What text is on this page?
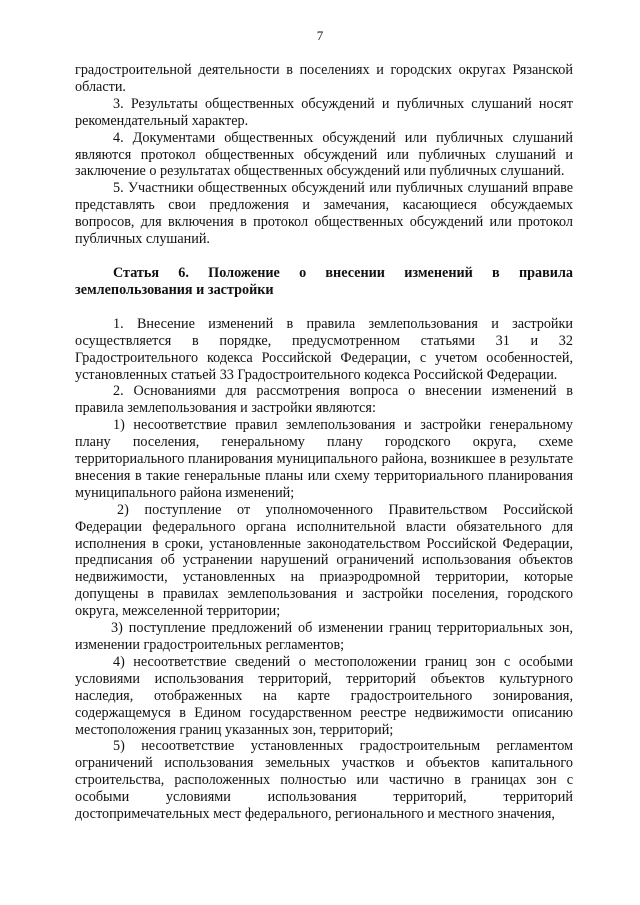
7

градостроительной деятельности в поселениях и городских округах Рязанской области.

3. Результаты общественных обсуждений и публичных слушаний носят рекомендательный характер.

4. Документами общественных обсуждений или публичных слушаний являются протокол общественных обсуждений или публичных слушаний и заключение о результатах общественных обсуждений или публичных слушаний.

5. Участники общественных обсуждений или публичных слушаний вправе представлять свои предложения и замечания, касающиеся обсуждаемых вопросов, для включения в протокол общественных обсуждений или протокол публичных слушаний.

Статья 6. Положение о внесении изменений в правила землепользования и застройки

1. Внесение изменений в правила землепользования и застройки осуществляется в порядке, предусмотренном статьями 31 и 32 Градостроительного кодекса Российской Федерации, с учетом особенностей, установленных статьей 33 Градостроительного кодекса Российской Федерации.

2. Основаниями для рассмотрения вопроса о внесении изменений в правила землепользования и застройки являются:

1) несоответствие правил землепользования и застройки генеральному плану поселения, генеральному плану городского округа, схеме территориального планирования муниципального района, возникшее в результате внесения в такие генеральные планы или схему территориального планирования муниципального района изменений;

2) поступление от уполномоченного Правительством Российской Федерации федерального органа исполнительной власти обязательного для исполнения в сроки, установленные законодательством Российской Федерации, предписания об устранении нарушений ограничений использования объектов недвижимости, установленных на приаэродромной территории, которые допущены в правилах землепользования и застройки поселения, городского округа, межселенной территории;

3) поступление предложений об изменении границ территориальных зон, изменении градостроительных регламентов;

4) несоответствие сведений о местоположении границ зон с особыми условиями использования территорий, территорий объектов культурного наследия, отображенных на карте градостроительного зонирования, содержащемуся в Едином государственном реестре недвижимости описанию местоположения границ указанных зон, территорий;

5) несоответствие установленных градостроительным регламентом ограничений использования земельных участков и объектов капитального строительства, расположенных полностью или частично в границах зон с особыми условиями использования территорий, территорий достопримечательных мест федерального, регионального и местного значения,
